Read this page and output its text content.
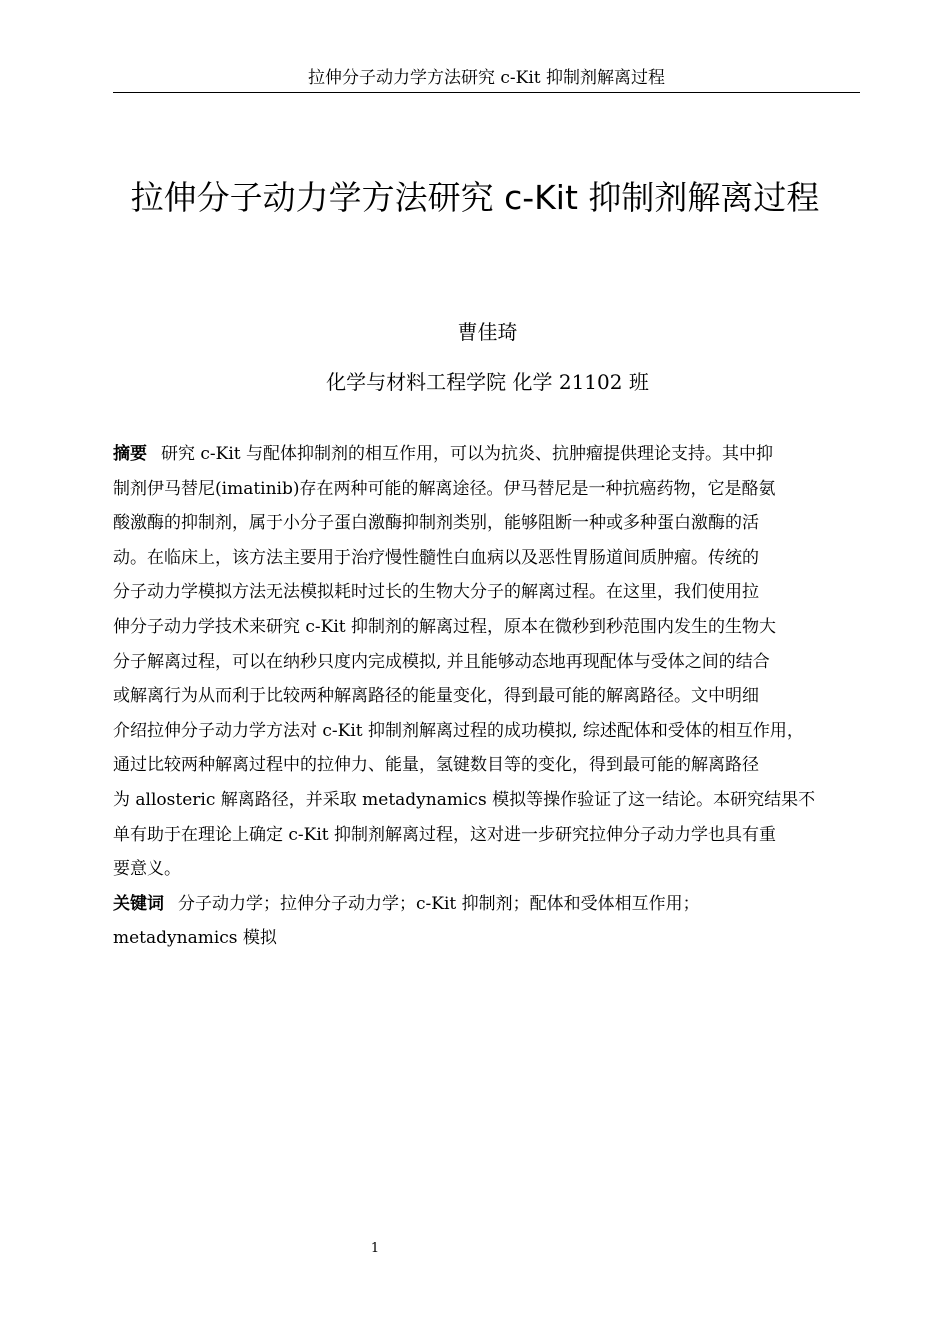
拉伸分子动力学方法研究 c-Kit 抑制剂解离过程
拉伸分子动力学方法研究 c-Kit 抑制剂解离过程
曹佳琦
化学与材料工程学院 化学 21102 班
摘要 研究 c-Kit 与配体抑制剂的相互作用，可以为抗炎、抗肿瘤提供理论支持。其中抑
制剂伊马替尼(imatinib)存在两种可能的解离途径。伊马替尼是一种抗癌药物，它是酪氨
酸激酶的抑制剂，属于小分子蛋白激酶抑制剂类别，能够阻断一种或多种蛋白激酶的活
动。在临床上，该方法主要用于治疗慢性髓性白血病以及恶性胃肠道间质肿瘤。传统的
分子动力学模拟方法无法模拟耗时过长的生物大分子的解离过程。在这里，我们使用拉
伸分子动力学技术来研究 c-Kit 抑制剂的解离过程，原本在微秒到秒范围内发生的生物大
分子解离过程，可以在纳秒只度内完成模拟, 并且能够动态地再现配体与受体之间的结合
或解离行为从而利于比较两种解离路径的能量变化，得到最可能的解离路径。文中明细
介绍拉伸分子动力学方法对 c-Kit 抑制剂解离过程的成功模拟, 综述配体和受体的相互作用，
通过比较两种解离过程中的拉伸力、能量，氢键数目等的变化，得到最可能的解离路径
为 allosteric 解离路径，并采取 metadynamics 模拟等操作验证了这一结论。本研究结果不
单有助于在理论上确定 c-Kit 抑制剂解离过程，这对进一步研究拉伸分子动力学也具有重
要意义。
关键词 分子动力学；拉伸分子动力学；c-Kit 抑制剂；配体和受体相互作用；
metadynamics 模拟
1
